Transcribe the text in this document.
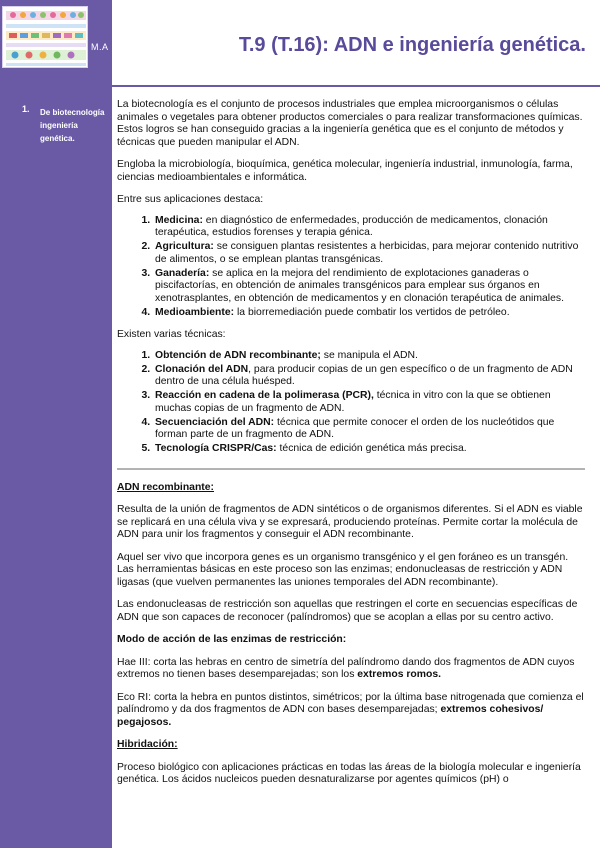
M.A	T.9 (T.16): ADN e ingeniería genética.
1. De biotecnología ingeniería genética.

La biotecnología es el conjunto de procesos industriales que emplea microorganismos o células animales o vegetales para obtener productos comerciales o para realizar transformaciones químicas. Estos logros se han conseguido gracias a la ingeniería genética que es el conjunto de métodos y técnicas que pueden manipular el ADN.

Engloba la microbiología, bioquímica, genética molecular, ingeniería industrial, inmunología, farma, ciencias medioambientales e informática.

Entre sus aplicaciones destaca:

1. Medicina: en diagnóstico de enfermedades, producción de medicamentos, clonación terapéutica, estudios forenses y terapia génica.
2. Agricultura: se consiguen plantas resistentes a herbicidas, para mejorar contenido nutritivo de alimentos, o se emplean plantas transgénicas.
3. Ganadería: se aplica en la mejora del rendimiento de explotaciones ganaderas o piscifactorías, en obtención de animales transgénicos para emplear sus órganos en xenotrasplantes, en obtención de medicamentos y en clonación terapéutica de animales.
4. Medioambiente: la biorremediación puede combatir los vertidos de petróleo.

Existen varias técnicas:

1. Obtención de ADN recombinante; se manipula el ADN.
2. Clonación del ADN, para producir copias de un gen específico o de un fragmento de ADN dentro de una célula huésped.
3. Reacción en cadena de la polimerasa (PCR), técnica in vitro con la que se obtienen muchas copias de un fragmento de ADN.
4. Secuenciación del ADN: técnica que permite conocer el orden de los nucleótidos que forman parte de un fragmento de ADN.
5. Tecnología CRISPR/Cas: técnica de edición genética más precisa.
ADN recombinante:

Resulta de la unión de fragmentos de ADN sintéticos o de organismos diferentes. Si el ADN es viable se replicará en una célula viva y se expresará, produciendo proteínas. Permite cortar la molécula de ADN para unir los fragmentos y conseguir el ADN recombinante.

Aquel ser vivo que incorpora genes es un organismo transgénico y el gen foráneo es un transgén. Las herramientas básicas en este proceso son las enzimas; endonucleasas de restricción y ADN ligasas (que vuelven permanentes las uniones temporales del ADN recombinante).

Las endonucleasas de restricción son aquellas que restringen el corte en secuencias específicas de ADN que son capaces de reconocer (palíndromos) que se acoplan a ellas por su centro activo.

Modo de acción de las enzimas de restricción:

Hae III: corta las hebras en centro de simetría del palíndromo dando dos fragmentos de ADN cuyos extremos no tienen bases desemparejadas; son los extremos romos.

Eco RI: corta la hebra en puntos distintos, simétricos; por la última base nitrogenada que comienza el palíndromo y da dos fragmentos de ADN con bases desemparejadas; extremos cohesivos/ pegajosos.

Hibridación:

Proceso biológico con aplicaciones prácticas en todas las áreas de la biología molecular e ingeniería genética. Los ácidos nucleicos pueden desnaturalizarse por agentes químicos (pH) o
